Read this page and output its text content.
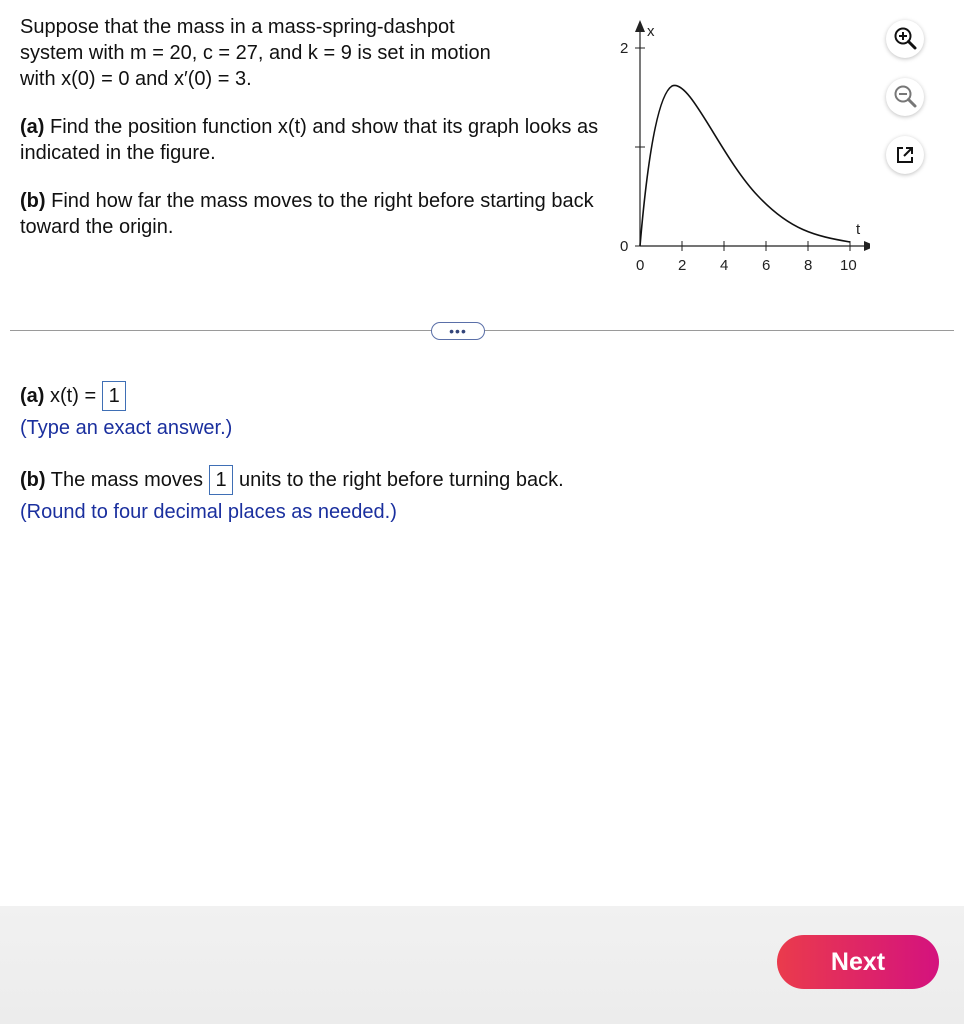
Suppose that the mass in a mass-spring-dashpot
system with m = 20, c = 27, and k = 9 is set in motion
with x(0) = 0 and x′(0) = 3.

(a) Find the position function x(t) and show that its graph looks as indicated in the figure.

(b) Find how far the mass moves to the right before starting back toward the origin.

x
t
2
0
0 2 4 6 8 10
•••
(a) x(t) = 1
(Type an exact answer.)
(b) The mass moves 1 units to the right before turning back.
(Round to four decimal places as needed.)
Next
